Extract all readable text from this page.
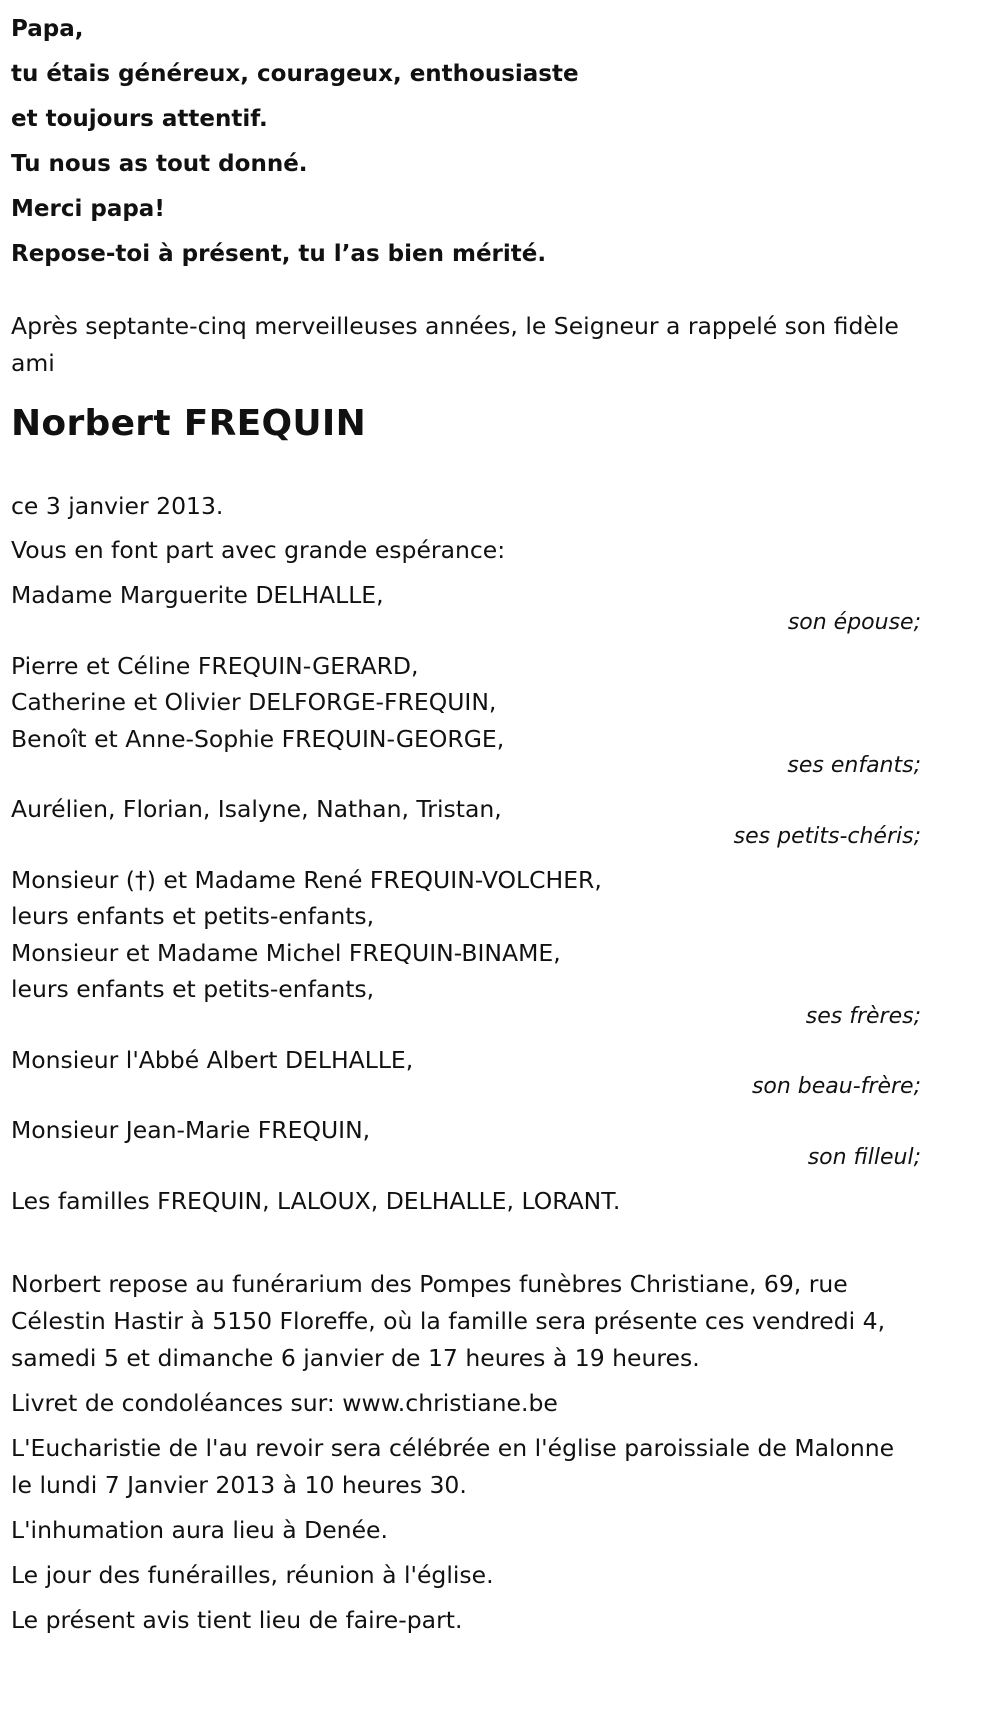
Papa,
tu étais généreux, courageux, enthousiaste
et toujours attentif.
Tu nous as tout donné.
Merci papa!
Repose-toi à présent, tu l’as bien mérité.
Après septante-cinq merveilleuses années, le Seigneur a rappelé son fidèle ami
Norbert FREQUIN
ce 3 janvier 2013.
Vous en font part avec grande espérance:
Madame Marguerite DELHALLE,
son épouse;
Pierre et Céline FREQUIN-GERARD,
Catherine et Olivier DELFORGE-FREQUIN,
Benoît et Anne-Sophie FREQUIN-GEORGE,
ses enfants;
Aurélien, Florian, Isalyne, Nathan, Tristan,
ses petits-chéris;
Monsieur (†) et Madame René FREQUIN-VOLCHER,
leurs enfants et petits-enfants,
Monsieur et Madame Michel FREQUIN-BINAME,
leurs enfants et petits-enfants,
ses frères;
Monsieur l'Abbé Albert DELHALLE,
son beau-frère;
Monsieur Jean-Marie FREQUIN,
son filleul;
Les familles FREQUIN, LALOUX, DELHALLE, LORANT.
Norbert repose au funérarium des Pompes funèbres Christiane, 69, rue Célestin Hastir à 5150 Floreffe, où la famille sera présente ces vendredi 4, samedi 5 et dimanche 6 janvier de 17 heures à 19 heures.
Livret de condoléances sur: www.christiane.be
L'Eucharistie de l'au revoir sera célébrée en l'église paroissiale de Malonne le lundi 7 Janvier 2013 à 10 heures 30.
L'inhumation aura lieu à Denée.
Le jour des funérailles, réunion à l'église.
Le présent avis tient lieu de faire-part.
